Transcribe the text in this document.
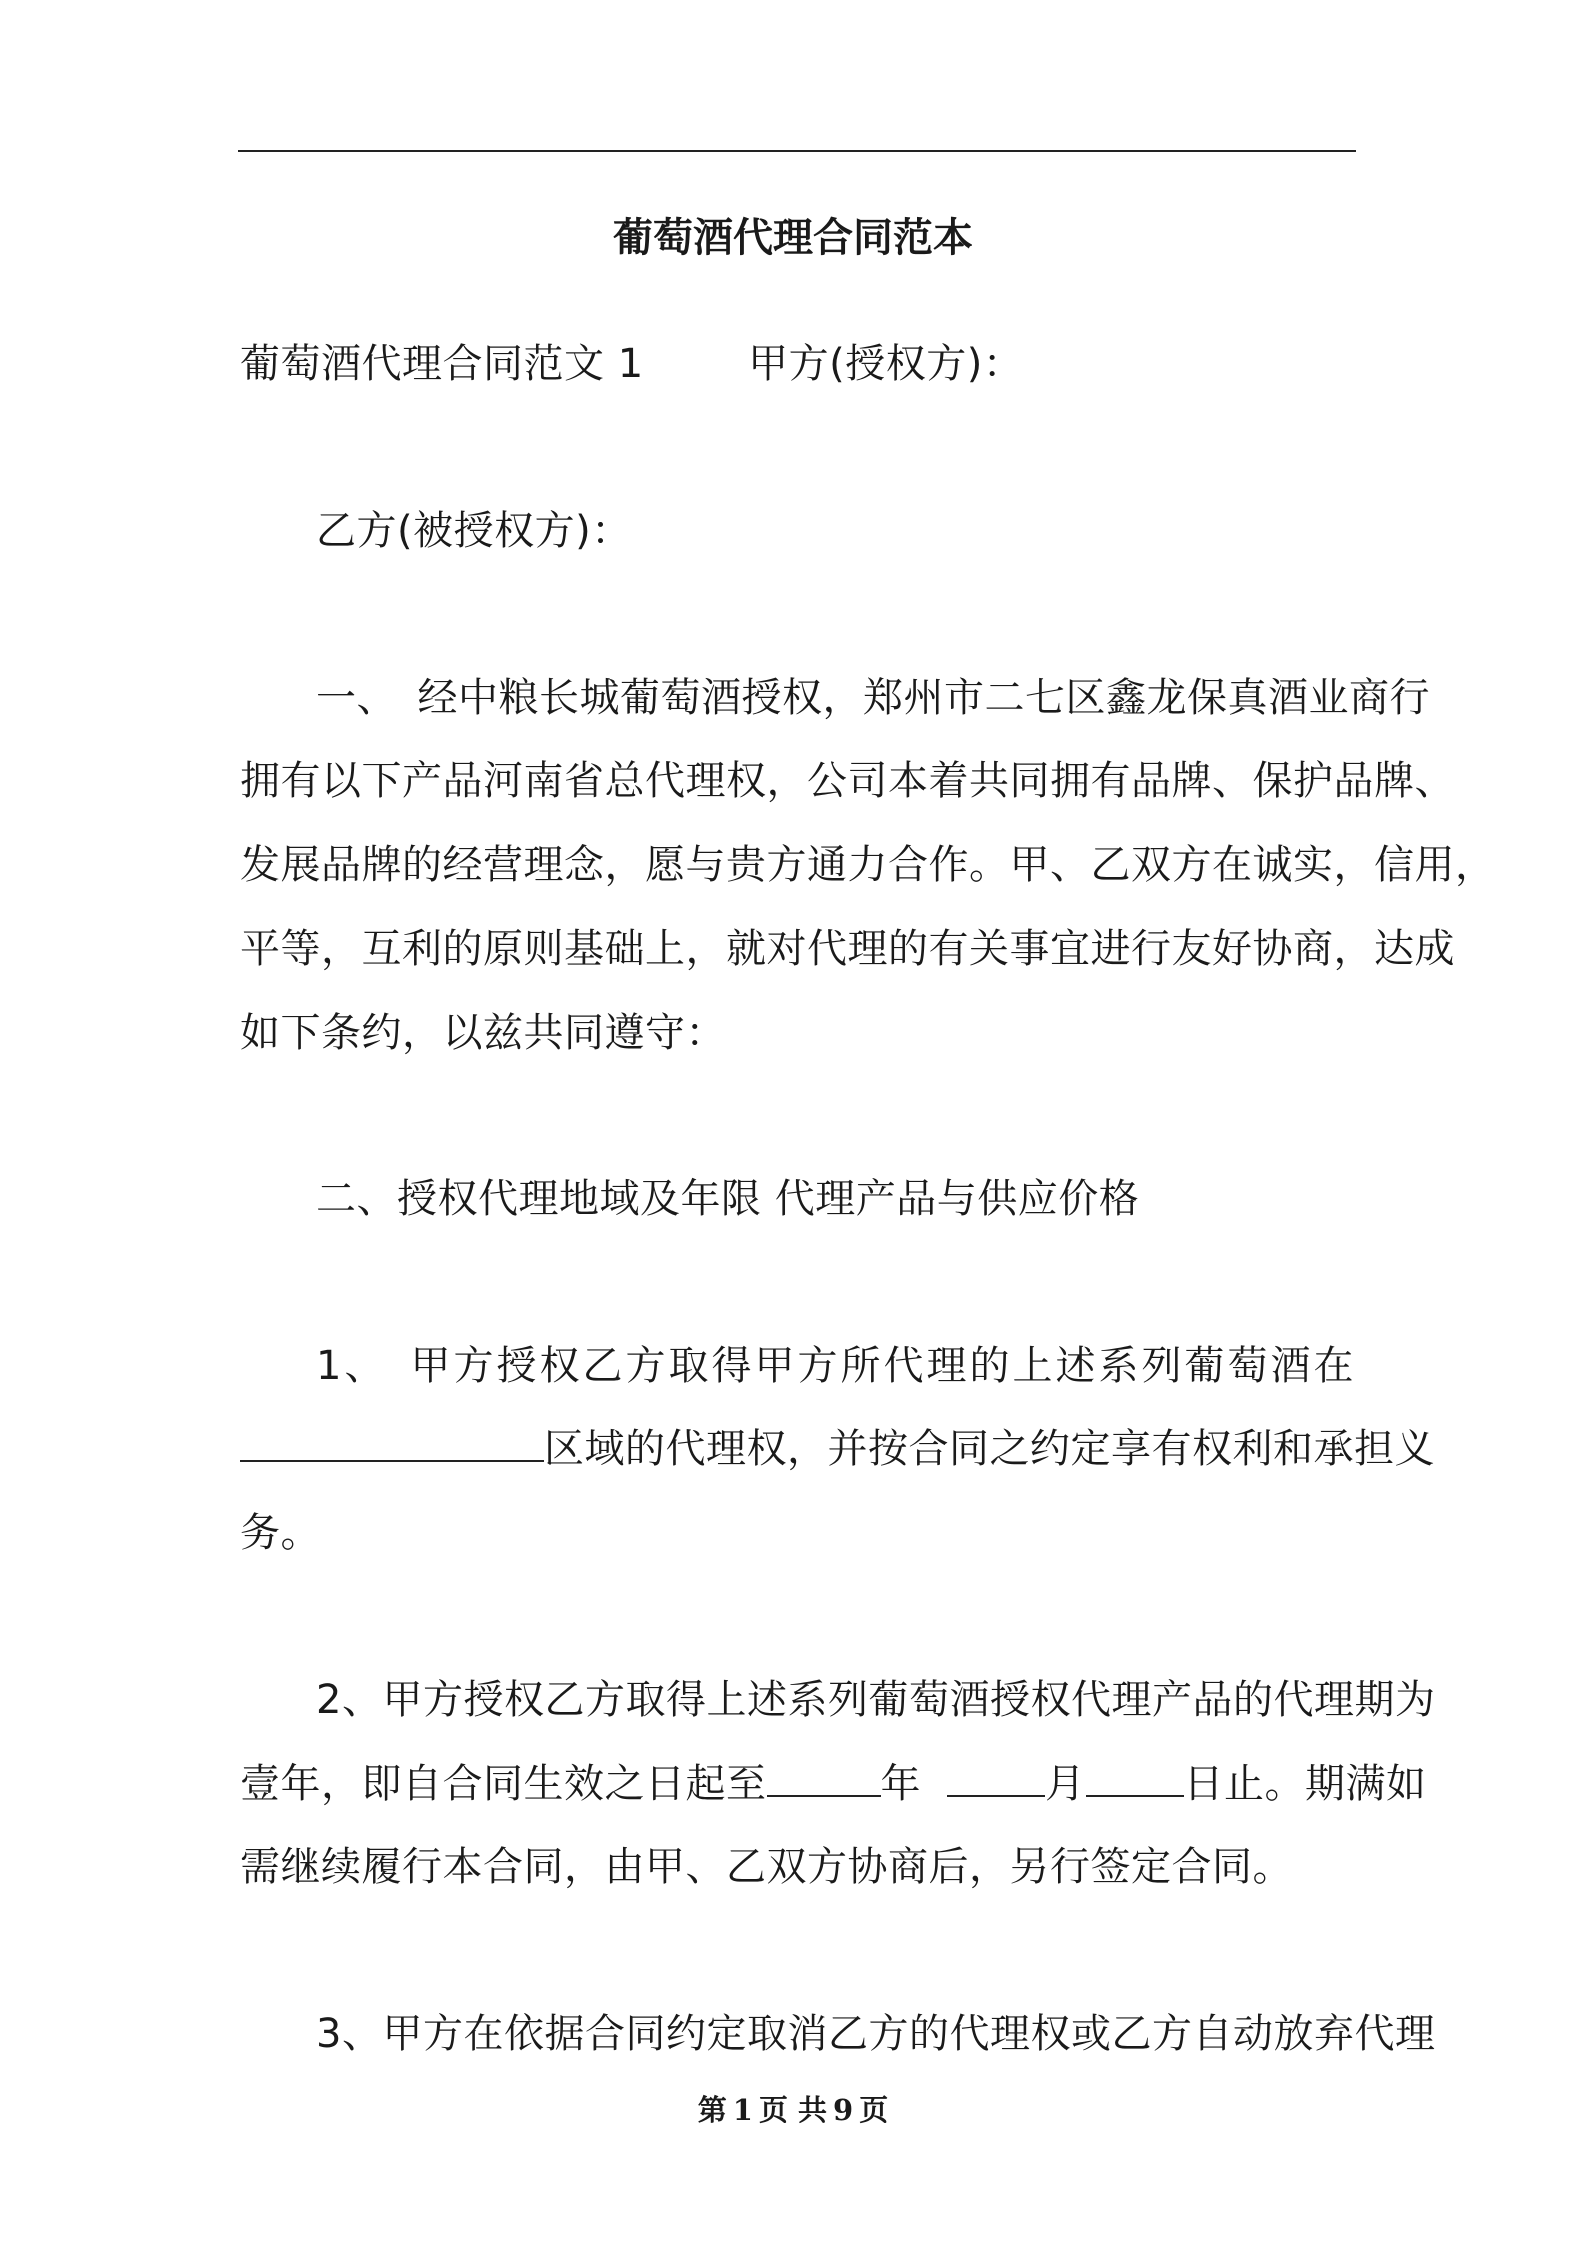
葡萄酒代理合同范本
葡萄酒代理合同范文 1	甲方(授权方)：
乙方(被授权方)：
一、　经中粮长城葡萄酒授权，郑州市二七区鑫龙保真酒业商行
拥有以下产品河南省总代理权，公司本着共同拥有品牌、保护品牌、
发展品牌的经营理念，愿与贵方通力合作。甲、乙双方在诚实，信用，
平等，互利的原则基础上，就对代理的有关事宜进行友好协商，达成
如下条约，以兹共同遵守：
二、授权代理地域及年限 代理产品与供应价格
1、　甲方授权乙方取得甲方所代理的上述系列葡萄酒在
区域的代理权，并按合同之约定享有权利和承担义
务。
2、甲方授权乙方取得上述系列葡萄酒授权代理产品的代理期为
壹年，即自合同生效之日起至	年	月 日止。期满如
需继续履行本合同，由甲、乙双方协商后，另行签定合同。
3、甲方在依据合同约定取消乙方的代理权或乙方自动放弃代理
第 1 页 共 9 页
